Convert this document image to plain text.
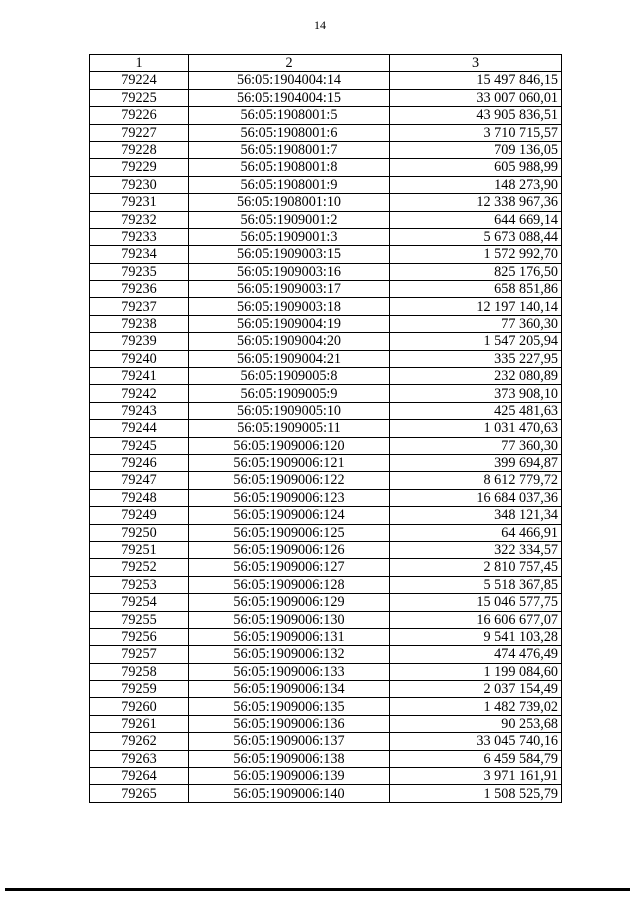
14
1	2	3
79224	56:05:1904004:14	15 497 846,15
79225	56:05:1904004:15	33 007 060,01
79226	56:05:1908001:5	43 905 836,51
79227	56:05:1908001:6	3 710 715,57
79228	56:05:1908001:7	709 136,05
79229	56:05:1908001:8	605 988,99
79230	56:05:1908001:9	148 273,90
79231	56:05:1908001:10	12 338 967,36
79232	56:05:1909001:2	644 669,14
79233	56:05:1909001:3	5 673 088,44
79234	56:05:1909003:15	1 572 992,70
79235	56:05:1909003:16	825 176,50
79236	56:05:1909003:17	658 851,86
79237	56:05:1909003:18	12 197 140,14
79238	56:05:1909004:19	77 360,30
79239	56:05:1909004:20	1 547 205,94
79240	56:05:1909004:21	335 227,95
79241	56:05:1909005:8	232 080,89
79242	56:05:1909005:9	373 908,10
79243	56:05:1909005:10	425 481,63
79244	56:05:1909005:11	1 031 470,63
79245	56:05:1909006:120	77 360,30
79246	56:05:1909006:121	399 694,87
79247	56:05:1909006:122	8 612 779,72
79248	56:05:1909006:123	16 684 037,36
79249	56:05:1909006:124	348 121,34
79250	56:05:1909006:125	64 466,91
79251	56:05:1909006:126	322 334,57
79252	56:05:1909006:127	2 810 757,45
79253	56:05:1909006:128	5 518 367,85
79254	56:05:1909006:129	15 046 577,75
79255	56:05:1909006:130	16 606 677,07
79256	56:05:1909006:131	9 541 103,28
79257	56:05:1909006:132	474 476,49
79258	56:05:1909006:133	1 199 084,60
79259	56:05:1909006:134	2 037 154,49
79260	56:05:1909006:135	1 482 739,02
79261	56:05:1909006:136	90 253,68
79262	56:05:1909006:137	33 045 740,16
79263	56:05:1909006:138	6 459 584,79
79264	56:05:1909006:139	3 971 161,91
79265	56:05:1909006:140	1 508 525,79
